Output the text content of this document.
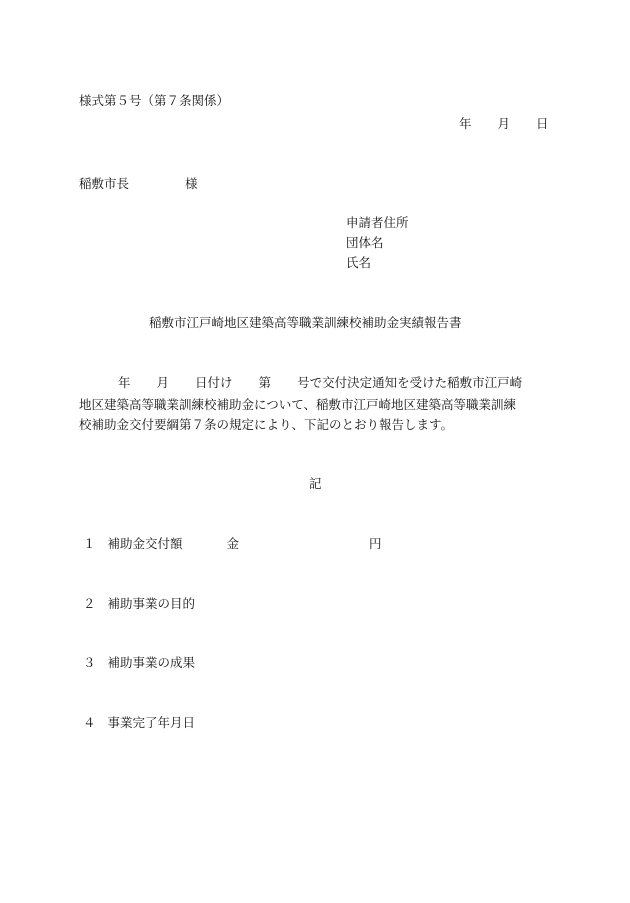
様式第５号（第７条関係）
年 月 日
稲敷市長	様
申請者住所
団体名
氏名
稲敷市江戸崎地区建築高等職業訓練校補助金実績報告書
年 月 日付け 第 号で交付決定通知を受けた稲敷市江戸崎
地区建築高等職業訓練校補助金について、稲敷市江戸崎地区建築高等職業訓練
校補助金交付要綱第７条の規定により、下記のとおり報告します。
記
１ 補助金交付額	金	円
２ 補助事業の目的
３ 補助事業の成果
４ 事業完了年月日
